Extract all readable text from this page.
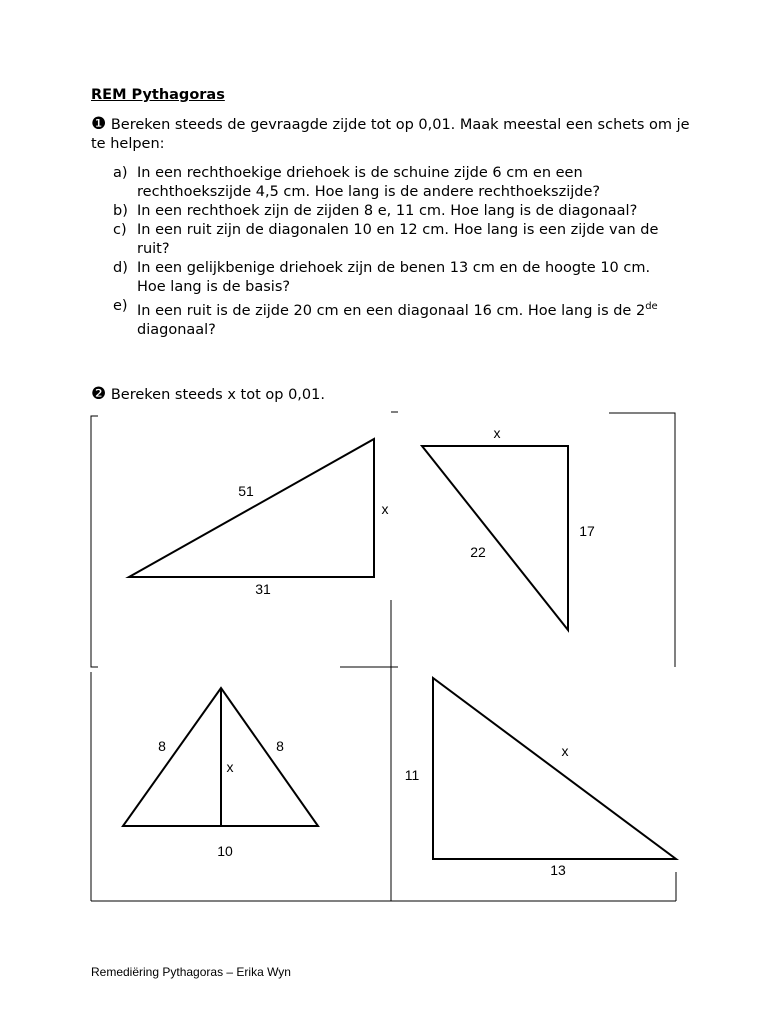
REM Pythagoras
❶ Bereken steeds de gevraagde zijde tot op 0,01. Maak meestal een schets om je te helpen:
a) In een rechthoekige driehoek is de schuine zijde 6 cm en een rechthoekszijde 4,5 cm. Hoe lang is de andere rechthoekszijde?
b) In een rechthoek zijn de zijden 8 e, 11 cm. Hoe lang is de diagonaal?
c) In een ruit zijn de diagonalen 10 en 12 cm. Hoe lang is een zijde van de ruit?
d) In een gelijkbenige driehoek zijn de benen 13 cm en de hoogte 10 cm. Hoe lang is de basis?
e) In een ruit is de zijde 20 cm en een diagonaal 16 cm. Hoe lang is de 2de diagonaal?
❷ Bereken steeds x tot op 0,01.
51
x
31
x
22
17
8	8
x
10
11
x
13
Remediëring Pythagoras – Erika Wyn
